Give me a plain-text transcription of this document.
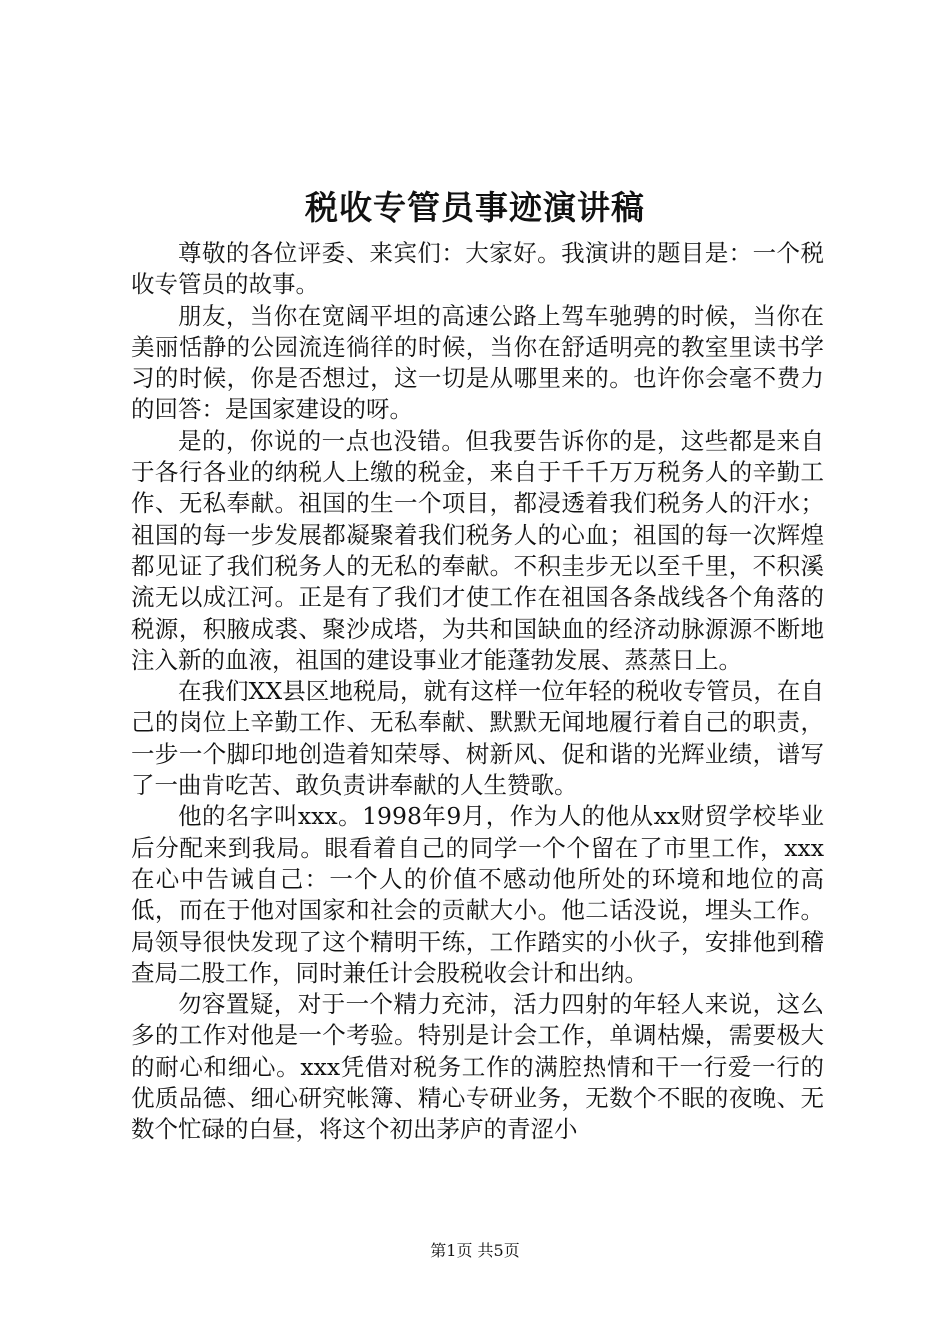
税收专管员事迹演讲稿

尊敬的各位评委、来宾们：大家好。我演讲的题目是：一个税收专管员的故事。

朋友，当你在宽阔平坦的高速公路上驾车驰骋的时候，当你在美丽恬静的公园流连徜徉的时候，当你在舒适明亮的教室里读书学习的时候，你是否想过，这一切是从哪里来的。也许你会毫不费力的回答：是国家建设的呀。

是的，你说的一点也没错。但我要告诉你的是，这些都是来自于各行各业的纳税人上缴的税金，来自于千千万万税务人的辛勤工作、无私奉献。祖国的生一个项目，都浸透着我们税务人的汗水；祖国的每一步发展都凝聚着我们税务人的心血；祖国的每一次辉煌都见证了我们税务人的无私的奉献。不积圭步无以至千里，不积溪流无以成江河。正是有了我们才使工作在祖国各条战线各个角落的税源，积腋成裘、聚沙成塔，为共和国缺血的经济动脉源源不断地注入新的血液，祖国的建设事业才能蓬勃发展、蒸蒸日上。

在我们XX县区地税局，就有这样一位年轻的税收专管员，在自己的岗位上辛勤工作、无私奉献、默默无闻地履行着自己的职责，一步一个脚印地创造着知荣辱、树新风、促和谐的光辉业绩，谱写了一曲肯吃苦、敢负责讲奉献的人生赞歌。

他的名字叫xxx。1998年9月，作为人的他从xx财贸学校毕业后分配来到我局。眼看着自己的同学一个个留在了市里工作，xxx在心中告诫自己：一个人的价值不感动他所处的环境和地位的高低，而在于他对国家和社会的贡献大小。他二话没说，埋头工作。局领导很快发现了这个精明干练，工作踏实的小伙子，安排他到稽查局二股工作，同时兼任计会股税收会计和出纳。

勿容置疑，对于一个精力充沛，活力四射的年轻人来说，这么多的工作对他是一个考验。特别是计会工作，单调枯燥，需要极大的耐心和细心。xxx凭借对税务工作的满腔热情和干一行爱一行的优质品德、细心研究帐簿、精心专研业务，无数个不眠的夜晚、无数个忙碌的白昼，将这个初出茅庐的青涩小

第1页 共5页
